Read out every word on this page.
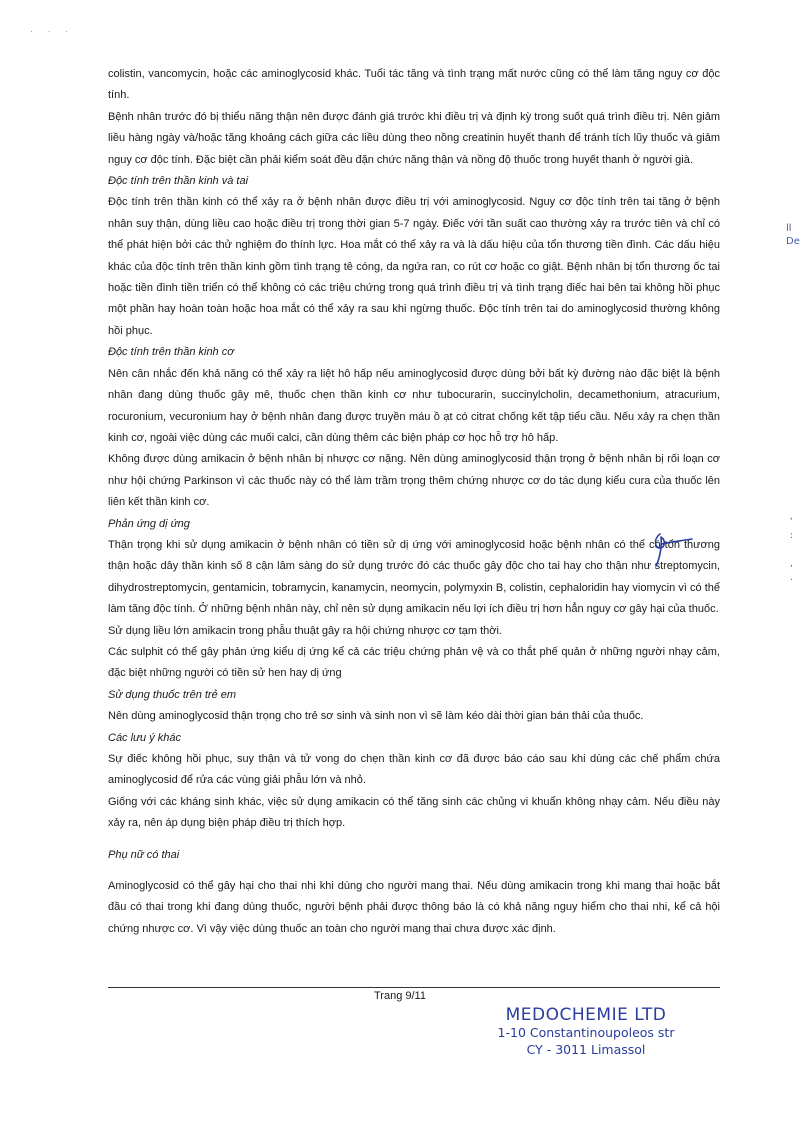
· · ·

colistin, vancomycin, hoặc các aminoglycosid khác. Tuổi tác tăng và tình trạng mất nước cũng có thể làm tăng nguy cơ độc tính.

Bệnh nhân trước đó bị thiểu năng thận nên được đánh giá trước khi điều trị và định kỳ trong suốt quá trình điều trị. Nên giảm liều hàng ngày và/hoặc tăng khoảng cách giữa các liều dùng theo nồng creatinin huyết thanh để tránh tích lũy thuốc và giảm nguy cơ độc tính. Đặc biệt cần phải kiểm soát đều đặn chức năng thận và nồng độ thuốc trong huyết thanh ở người già.

Độc tính trên thần kinh và tai

Độc tính trên thần kinh có thể xảy ra ở bệnh nhân được điều trị với aminoglycosid. Nguy cơ độc tính trên tai tăng ở bệnh nhân suy thận, dùng liều cao hoặc điều trị trong thời gian 5-7 ngày. Điếc với tần suất cao thường xảy ra trước tiên và chỉ có thể phát hiện bởi các thử nghiệm đo thính lực. Hoa mắt có thể xảy ra và là dấu hiệu của tổn thương tiền đình. Các dấu hiệu khác của độc tính trên thần kinh gồm tình trạng tê cóng, da ngứa ran, co rút cơ hoặc co giật. Bệnh nhân bị tổn thương ốc tai hoặc tiền đình tiền triển có thể không có các triệu chứng trong quá trình điều trị và tình trạng điếc hai bên tai không hồi phục một phần hay hoàn toàn hoặc hoa mắt có thể xảy ra sau khi ngừng thuốc. Độc tính trên tai do aminoglycosid thường không hồi phục.

Độc tính trên thần kinh cơ

Nên cân nhắc đến khả năng có thể xảy ra liệt hô hấp nếu aminoglycosid được dùng bởi bất kỳ đường nào đặc biệt là bệnh nhân đang dùng thuốc gây mê, thuốc chẹn thần kinh cơ như tubocurarin, succinylcholin, decamethonium, atracurium, rocuronium, vecuronium hay ở bệnh nhân đang được truyền máu ồ ạt có citrat chống kết tập tiểu cầu. Nếu xảy ra chẹn thần kinh cơ, ngoài việc dùng các muối calci, cần dùng thêm các biện pháp cơ học hỗ trợ hô hấp.

Không được dùng amikacin ở bệnh nhân bị nhược cơ nặng. Nên dùng aminoglycosid thận trọng ở bệnh nhân bị rối loạn cơ như hội chứng Parkinson vì các thuốc này có thể làm trầm trọng thêm chứng nhược cơ do tác dụng kiểu cura của thuốc lên liên kết thần kinh cơ.

Phản ứng dị ứng

Thận trọng khi sử dụng amikacin ở bệnh nhân có tiền sử dị ứng với aminoglycosid hoặc bệnh nhân có thể có tổn thương thận hoặc dây thần kinh số 8 cận lâm sàng do sử dụng trước đó các thuốc gây độc cho tai hay cho thận như streptomycin, dihydrostreptomycin, gentamicin, tobramycin, kanamycin, neomycin, polymyxin B, colistin, cephaloridin hay viomycin vì có thể làm tăng độc tính. Ở những bệnh nhân này, chỉ nên sử dụng amikacin nếu lợi ích điều trị hơn hẳn nguy cơ gây hại của thuốc.

Sử dụng liều lớn amikacin trong phẫu thuật gây ra hội chứng nhược cơ tạm thời.

Các sulphit có thể gây phản ứng kiểu dị ứng kể cả các triệu chứng phản vệ và co thắt phế quản ở những người nhạy cảm, đặc biệt những người có tiền sử hen hay dị ứng

Sử dụng thuốc trên trẻ em

Nên dùng aminoglycosid thận trọng cho trẻ sơ sinh và sinh non vì sẽ làm kéo dài thời gian bán thải của thuốc.

Các lưu ý khác

Sự điếc không hồi phục, suy thận và tử vong do chẹn thần kinh cơ đã được báo cáo sau khi dùng các chế phẩm chứa aminoglycosid để rửa các vùng giải phẫu lớn và nhỏ.

Giống với các kháng sinh khác, việc sử dụng amikacin có thể tăng sinh các chủng vi khuẩn không nhạy cảm. Nếu điều này xảy ra, nên áp dụng biện pháp điều trị thích hợp.

Phụ nữ có thai

Aminoglycosid có thể gây hại cho thai nhi khi dùng cho người mang thai. Nếu dùng amikacin trong khi mang thai hoặc bắt đầu có thai trong khi đang dùng thuốc, người bệnh phải được thông báo là có khả năng nguy hiểm cho thai nhi, kể cả hội chứng nhược cơ. Vì vậy việc dùng thuốc an toàn cho người mang thai chưa được xác định.

ll De
‘
:

,
.
Trang 9/11
MEDOCHEMIE LTD
1-10 Constantinoupoleos str
CY - 3011 Limassol
